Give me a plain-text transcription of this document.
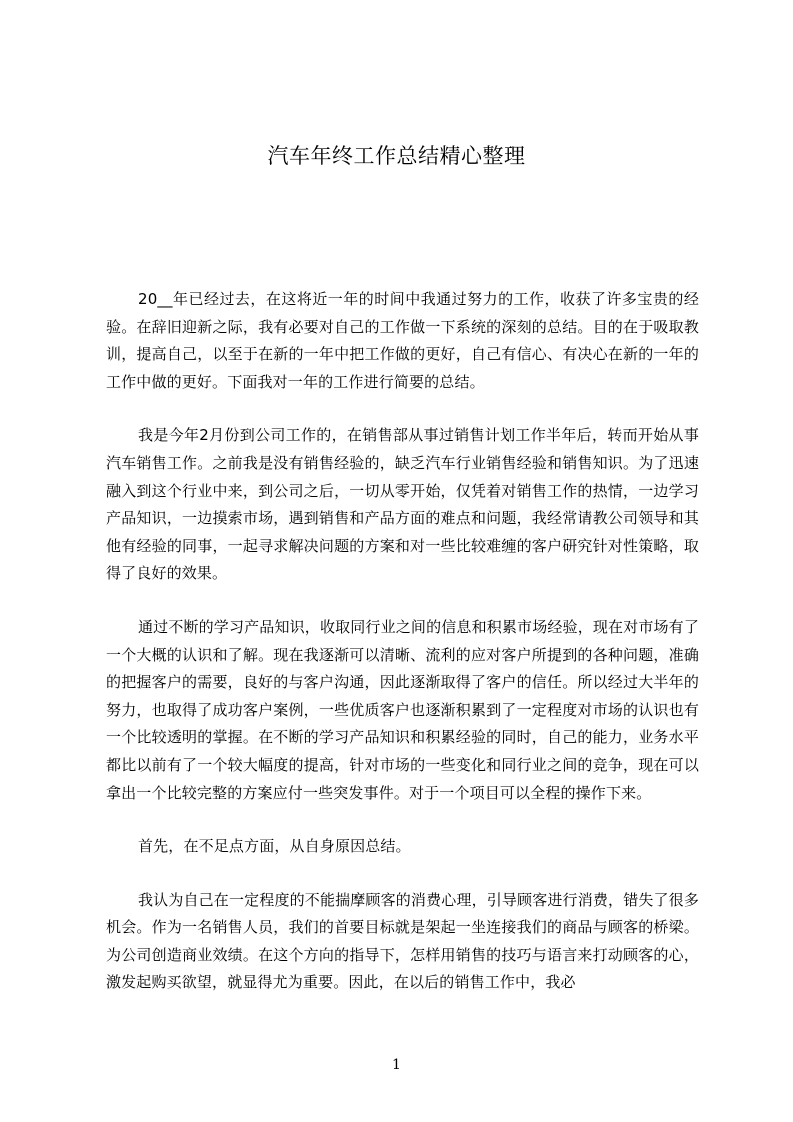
汽车年终工作总结精心整理

20__年已经过去，在这将近一年的时间中我通过努力的工作，收获了许多宝贵的经验。在辞旧迎新之际，我有必要对自己的工作做一下系统的深刻的总结。目的在于吸取教训，提高自己，以至于在新的一年中把工作做的更好，自己有信心、有决心在新的一年的工作中做的更好。下面我对一年的工作进行简要的总结。

我是今年2月份到公司工作的，在销售部从事过销售计划工作半年后，转而开始从事汽车销售工作。之前我是没有销售经验的，缺乏汽车行业销售经验和销售知识。为了迅速融入到这个行业中来，到公司之后，一切从零开始，仅凭着对销售工作的热情，一边学习产品知识，一边摸索市场，遇到销售和产品方面的难点和问题，我经常请教公司领导和其他有经验的同事，一起寻求解决问题的方案和对一些比较难缠的客户研究针对性策略，取得了良好的效果。

通过不断的学习产品知识，收取同行业之间的信息和积累市场经验，现在对市场有了一个大概的认识和了解。现在我逐渐可以清晰、流利的应对客户所提到的各种问题，准确的把握客户的需要，良好的与客户沟通，因此逐渐取得了客户的信任。所以经过大半年的努力，也取得了成功客户案例，一些优质客户也逐渐积累到了一定程度对市场的认识也有一个比较透明的掌握。在不断的学习产品知识和积累经验的同时，自己的能力，业务水平都比以前有了一个较大幅度的提高，针对市场的一些变化和同行业之间的竞争，现在可以拿出一个比较完整的方案应付一些突发事件。对于一个项目可以全程的操作下来。

首先，在不足点方面，从自身原因总结。

我认为自己在一定程度的不能揣摩顾客的消费心理，引导顾客进行消费，错失了很多机会。作为一名销售人员，我们的首要目标就是架起一坐连接我们的商品与顾客的桥梁。为公司创造商业效绩。在这个方向的指导下，怎样用销售的技巧与语言来打动顾客的心，激发起购买欲望，就显得尤为重要。因此，在以后的销售工作中，我必

1
